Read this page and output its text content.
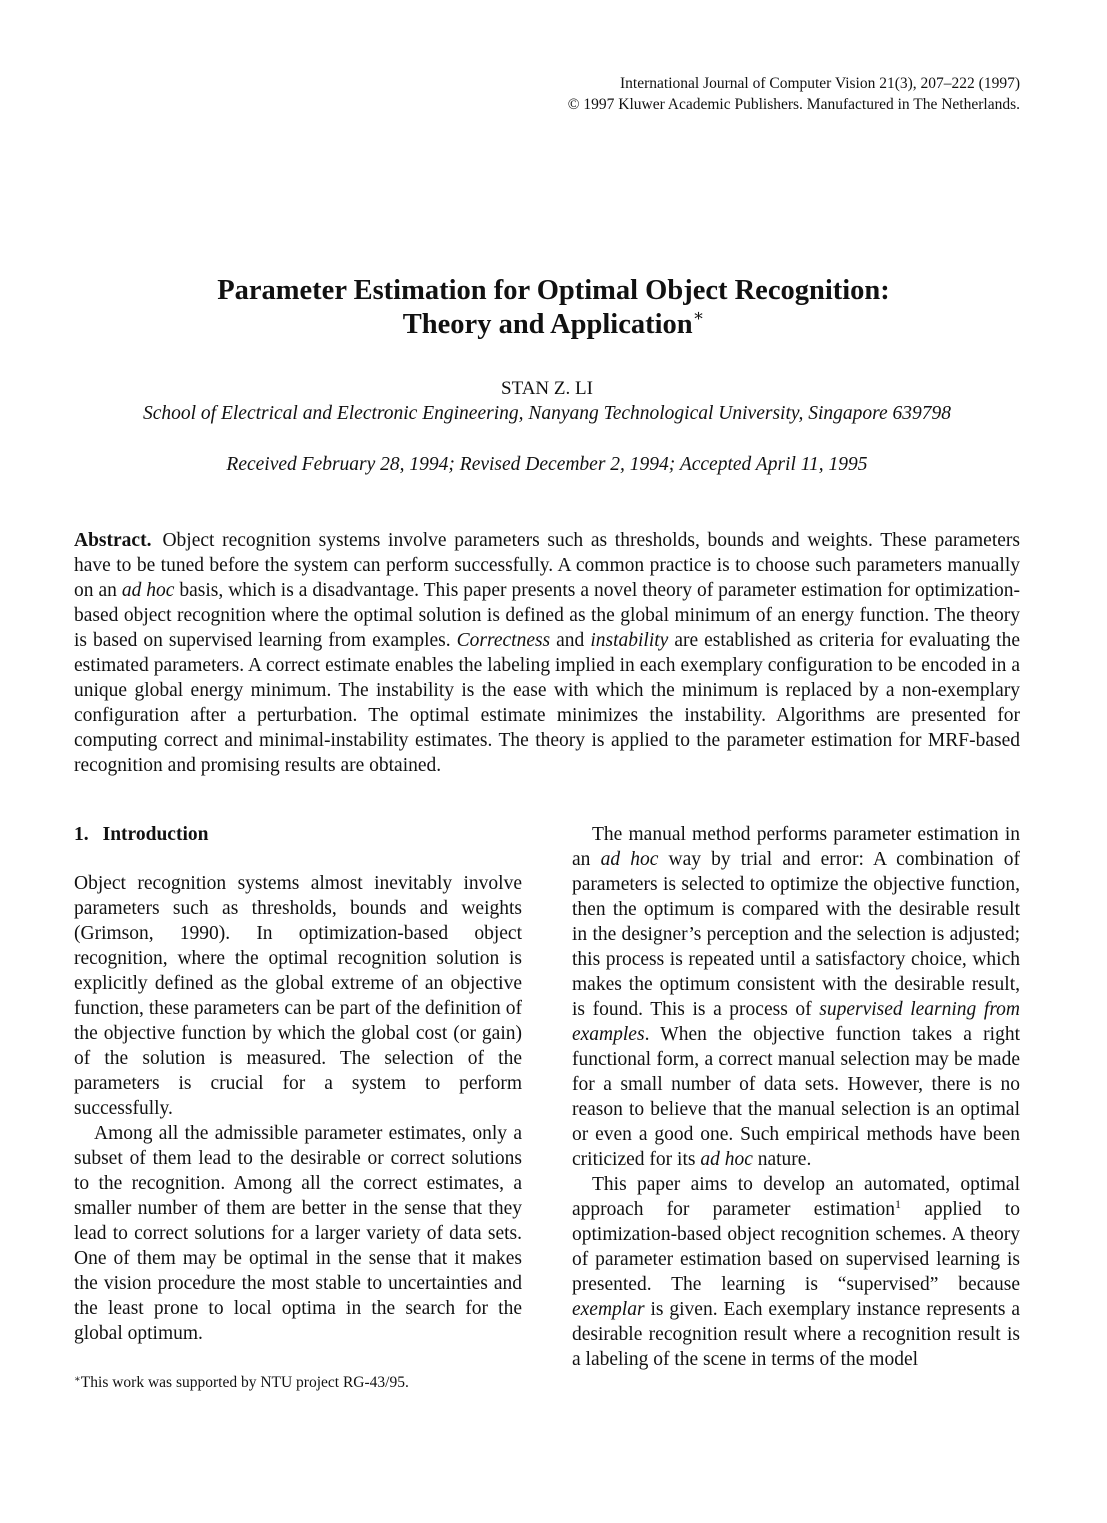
International Journal of Computer Vision 21(3), 207–222 (1997)
© 1997 Kluwer Academic Publishers. Manufactured in The Netherlands.
Parameter Estimation for Optimal Object Recognition:
Theory and Application∗
STAN Z. LI
School of Electrical and Electronic Engineering, Nanyang Technological University, Singapore 639798
Received February 28, 1994; Revised December 2, 1994; Accepted April 11, 1995
Abstract. Object recognition systems involve parameters such as thresholds, bounds and weights. These parameters have to be tuned before the system can perform successfully. A common practice is to choose such parameters manually on an ad hoc basis, which is a disadvantage. This paper presents a novel theory of parameter estimation for optimization-based object recognition where the optimal solution is defined as the global minimum of an energy function. The theory is based on supervised learning from examples. Correctness and instability are established as criteria for evaluating the estimated parameters. A correct estimate enables the labeling implied in each exemplary configuration to be encoded in a unique global energy minimum. The instability is the ease with which the minimum is replaced by a non-exemplary configuration after a perturbation. The optimal estimate minimizes the instability. Algorithms are presented for computing correct and minimal-instability estimates. The theory is applied to the parameter estimation for MRF-based recognition and promising results are obtained.
1. Introduction

Object recognition systems almost inevitably involve parameters such as thresholds, bounds and weights (Grimson, 1990). In optimization-based object recognition, where the optimal recognition solution is explicitly defined as the global extreme of an objective function, these parameters can be part of the definition of the objective function by which the global cost (or gain) of the solution is measured. The selection of the parameters is crucial for a system to perform successfully.

Among all the admissible parameter estimates, only a subset of them lead to the desirable or correct solutions to the recognition. Among all the correct estimates, a smaller number of them are better in the sense that they lead to correct solutions for a larger variety of data sets. One of them may be optimal in the sense that it makes the vision procedure the most stable to uncertainties and the least prone to local optima in the search for the global optimum.

The manual method performs parameter estimation in an ad hoc way by trial and error: A combination of parameters is selected to optimize the objective function, then the optimum is compared with the desirable result in the designer’s perception and the selection is adjusted; this process is repeated until a satisfactory choice, which makes the optimum consistent with the desirable result, is found. This is a process of supervised learning from examples. When the objective function takes a right functional form, a correct manual selection may be made for a small number of data sets. However, there is no reason to believe that the manual selection is an optimal or even a good one. Such empirical methods have been criticized for its ad hoc nature.

This paper aims to develop an automated, optimal approach for parameter estimation$^1$ applied to optimization-based object recognition schemes. A theory of parameter estimation based on supervised learning is presented. The learning is “supervised” because exemplar is given. Each exemplary instance represents a desirable recognition result where a recognition result is a labeling of the scene in terms of the model

∗This work was supported by NTU project RG-43/95.
